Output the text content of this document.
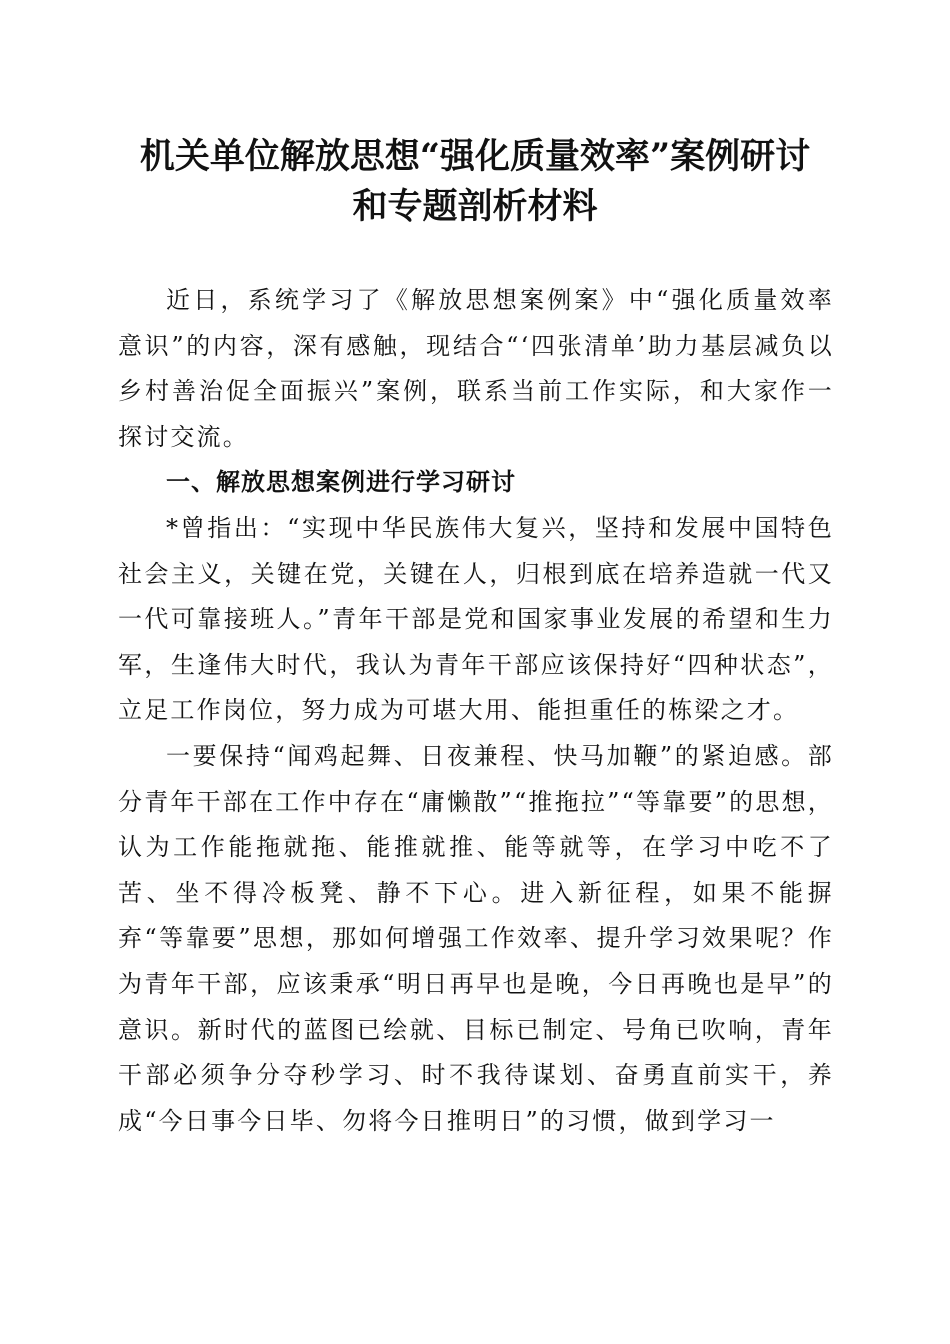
机关单位解放思想“强化质量效率”案例研讨
和专题剖析材料

近日，系统学习了《解放思想案例案》中“强化质量效率意识”的内容，深有感触，现结合“‘四张清单’助力基层减负以乡村善治促全面振兴”案例，联系当前工作实际，和大家作一探讨交流。

一、解放思想案例进行学习研讨

*曾指出：“实现中华民族伟大复兴，坚持和发展中国特色社会主义，关键在党，关键在人，归根到底在培养造就一代又一代可靠接班人。”青年干部是党和国家事业发展的希望和生力军，生逢伟大时代，我认为青年干部应该保持好“四种状态”，立足工作岗位，努力成为可堪大用、能担重任的栋梁之才。

一要保持“闻鸡起舞、日夜兼程、快马加鞭”的紧迫感。部分青年干部在工作中存在“庸懒散”“推拖拉”“等靠要”的思想，认为工作能拖就拖、能推就推、能等就等，在学习中吃不了苦、坐不得冷板凳、静不下心。进入新征程，如果不能摒弃“等靠要”思想，那如何增强工作效率、提升学习效果呢？作为青年干部，应该秉承“明日再早也是晚，今日再晚也是早”的意识。新时代的蓝图已绘就、目标已制定、号角已吹响，青年干部必须争分夺秒学习、时不我待谋划、奋勇直前实干，养成“今日事今日毕、勿将今日推明日”的习惯，做到学习一
